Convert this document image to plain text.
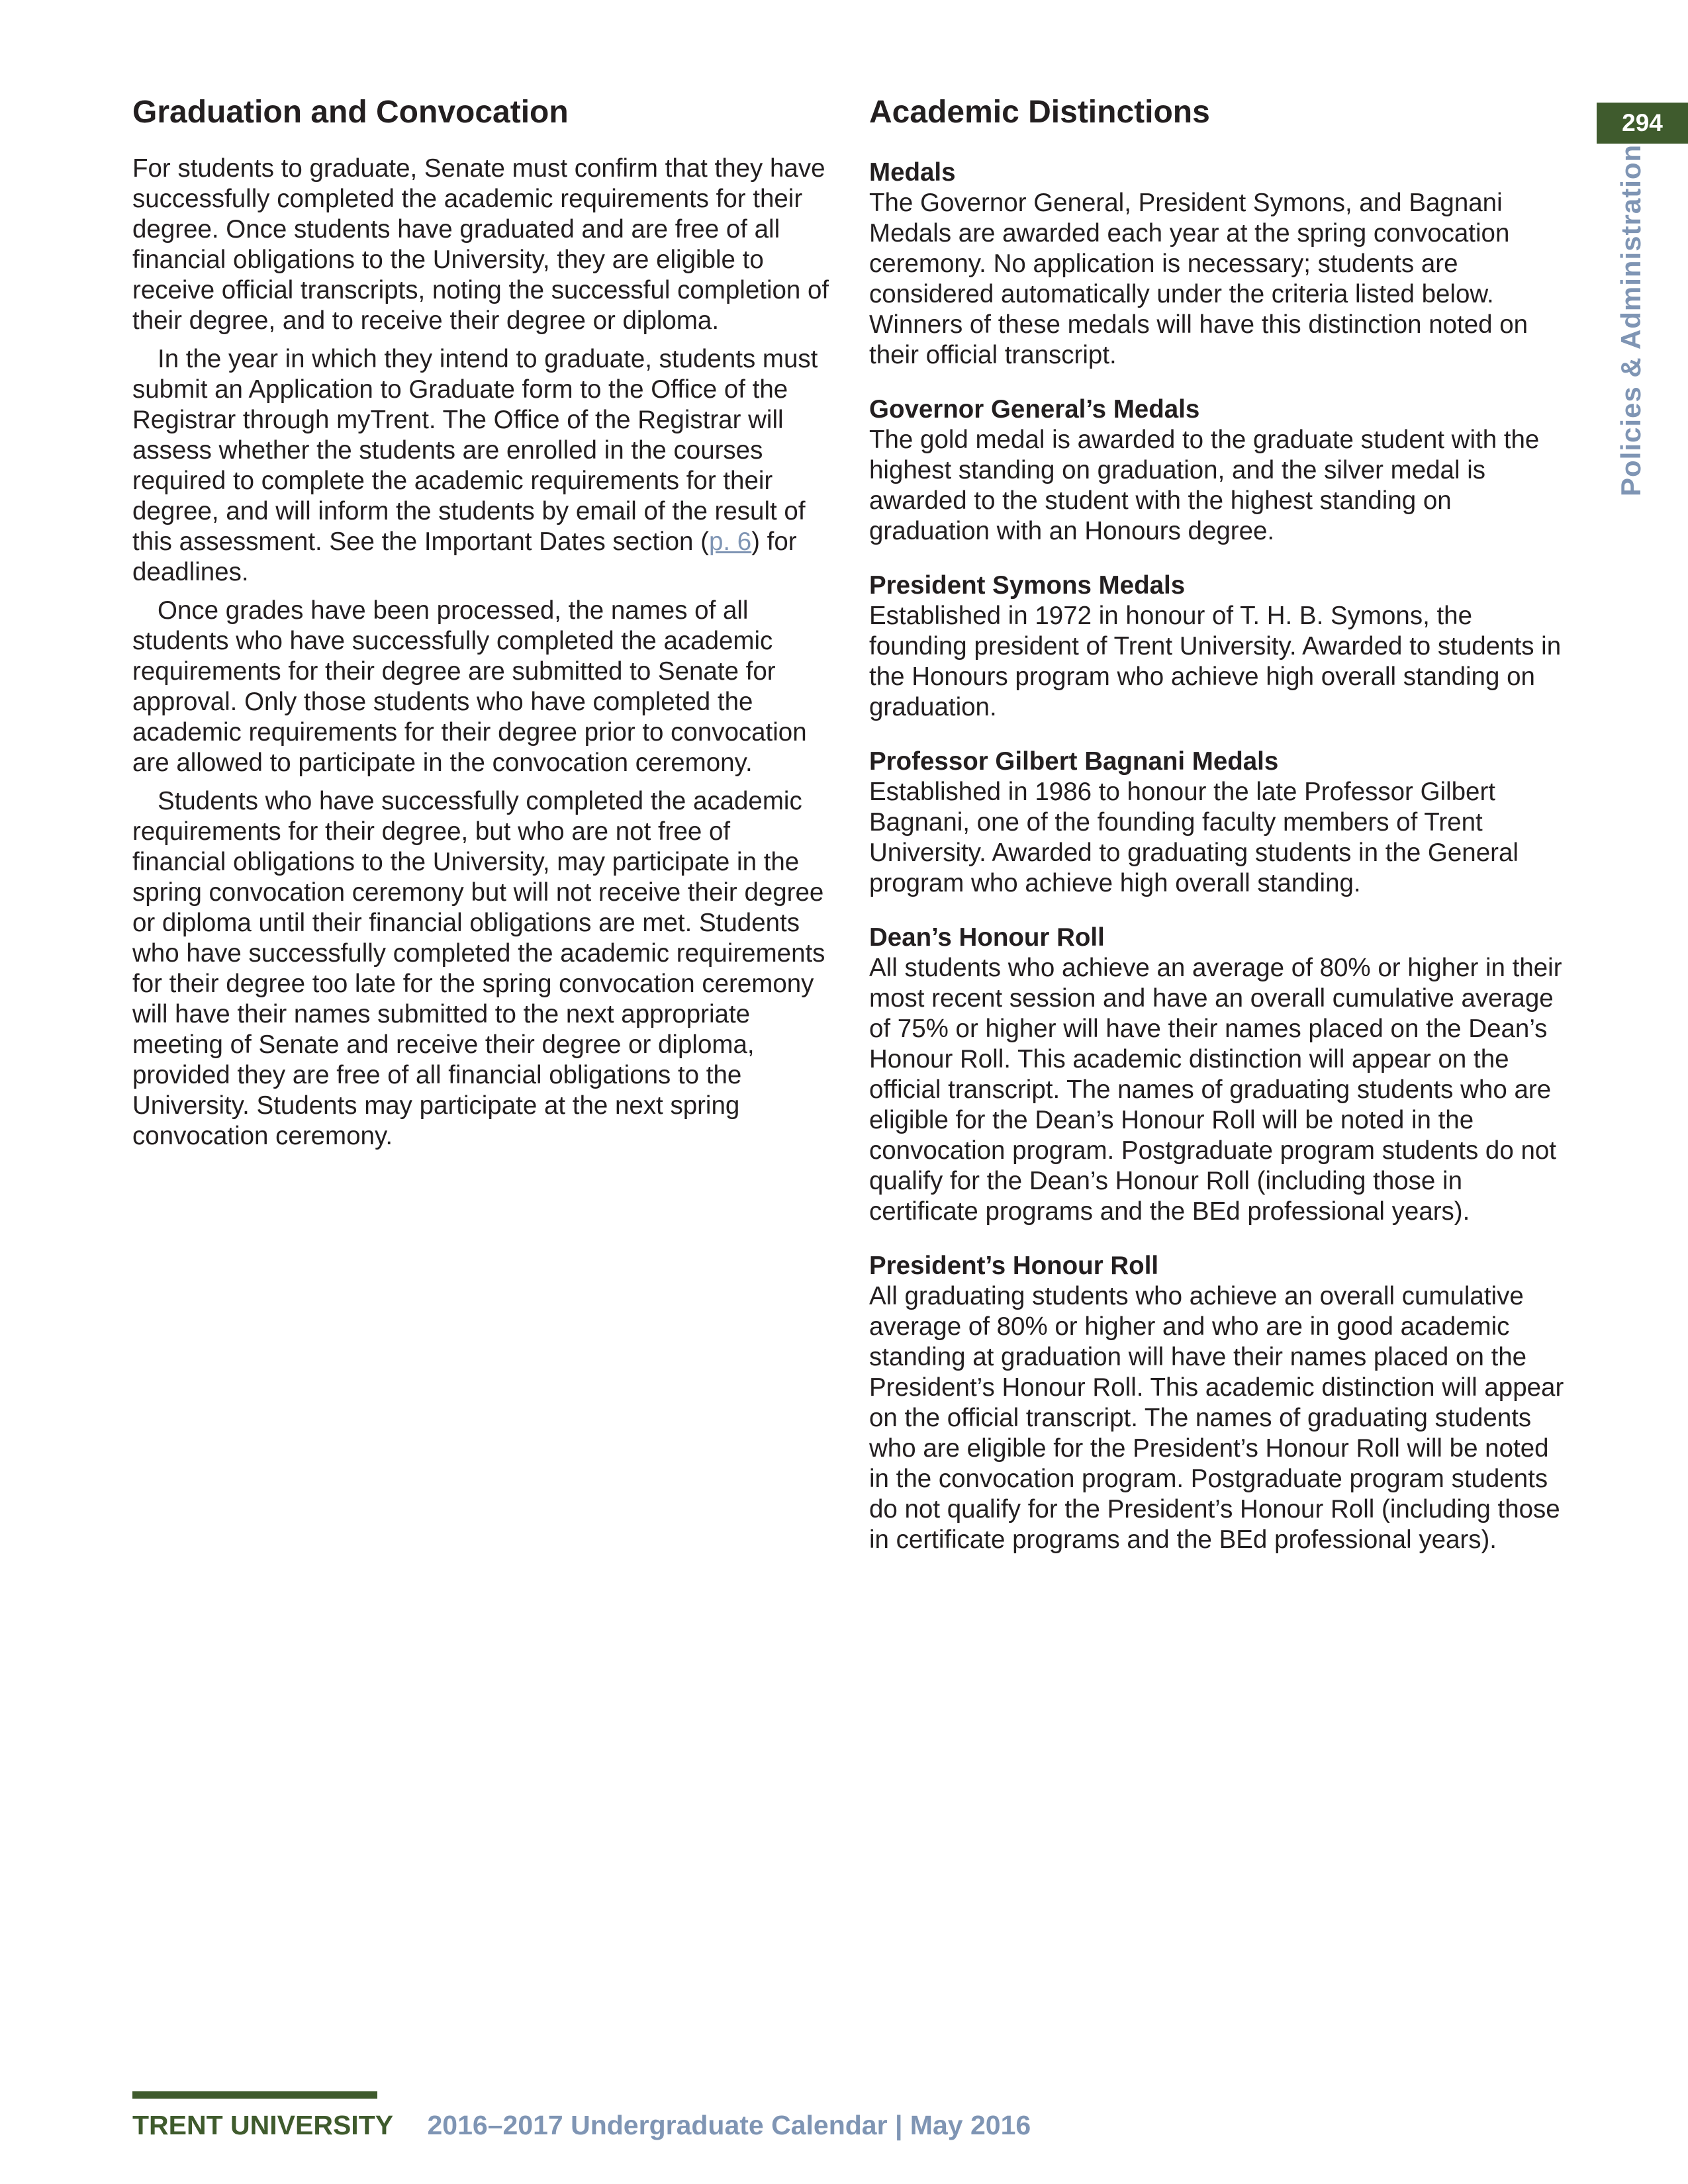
294
Policies & Administration
Graduation and Convocation

For students to graduate, Senate must confirm that they have successfully completed the academic requirements for their degree. Once students have graduated and are free of all financial obligations to the University, they are eligible to receive official transcripts, noting the successful completion of their degree, and to receive their degree or diploma.

In the year in which they intend to graduate, students must submit an Application to Graduate form to the Office of the Registrar through myTrent. The Office of the Registrar will assess whether the students are enrolled in the courses required to complete the academic requirements for their degree, and will inform the students by email of the result of this assessment. See the Important Dates section (p. 6) for deadlines.

Once grades have been processed, the names of all students who have successfully completed the academic requirements for their degree are submitted to Senate for approval. Only those students who have completed the academic requirements for their degree prior to convocation are allowed to participate in the convocation ceremony.

Students who have successfully completed the academic requirements for their degree, but who are not free of financial obligations to the University, may participate in the spring convocation ceremony but will not receive their degree or diploma until their financial obligations are met. Students who have successfully completed the academic requirements for their degree too late for the spring convocation ceremony will have their names submitted to the next appropriate meeting of Senate and receive their degree or diploma, provided they are free of all financial obligations to the University. Students may participate at the next spring convocation ceremony.

Academic Distinctions
Medals
The Governor General, President Symons, and Bagnani Medals are awarded each year at the spring convocation ceremony. No application is necessary; students are considered automatically under the criteria listed below. Winners of these medals will have this distinction noted on their official transcript.
Governor General’s Medals
The gold medal is awarded to the graduate student with the highest standing on graduation, and the silver medal is awarded to the student with the highest standing on graduation with an Honours degree.
President Symons Medals
Established in 1972 in honour of T. H. B. Symons, the founding president of Trent University. Awarded to students in the Honours program who achieve high overall standing on graduation.
Professor Gilbert Bagnani Medals
Established in 1986 to honour the late Professor Gilbert Bagnani, one of the founding faculty members of Trent University. Awarded to graduating students in the General program who achieve high overall standing.
Dean’s Honour Roll
All students who achieve an average of 80% or higher in their most recent session and have an overall cumulative average of 75% or higher will have their names placed on the Dean’s Honour Roll. This academic distinction will appear on the official transcript. The names of graduating students who are eligible for the Dean’s Honour Roll will be noted in the convocation program. Postgraduate program students do not qualify for the Dean’s Honour Roll (including those in certificate programs and the BEd professional years).
President’s Honour Roll
All graduating students who achieve an overall cumulative average of 80% or higher and who are in good academic standing at graduation will have their names placed on the President’s Honour Roll. This academic distinction will appear on the official transcript. The names of graduating students who are eligible for the President’s Honour Roll will be noted in the convocation program. Postgraduate program students do not qualify for the President’s Honour Roll (including those in certificate programs and the BEd professional years).
TRENT UNIVERSITY 2016–2017 Undergraduate Calendar | May 2016
